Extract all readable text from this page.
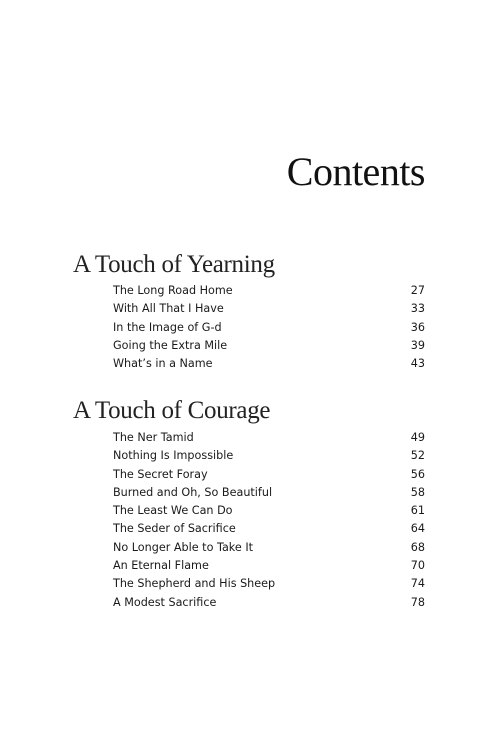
Contents
A Touch of Yearning
The Long Road Home	27
With All That I Have	33
In the Image of G-d	36
Going the Extra Mile	39
What’s in a Name	43
A Touch of Courage
The Ner Tamid	49
Nothing Is Impossible	52
The Secret Foray	56
Burned and Oh, So Beautiful	58
The Least We Can Do	61
The Seder of Sacrifice	64
No Longer Able to Take It	68
An Eternal Flame	70
The Shepherd and His Sheep	74
A Modest Sacrifice	78
